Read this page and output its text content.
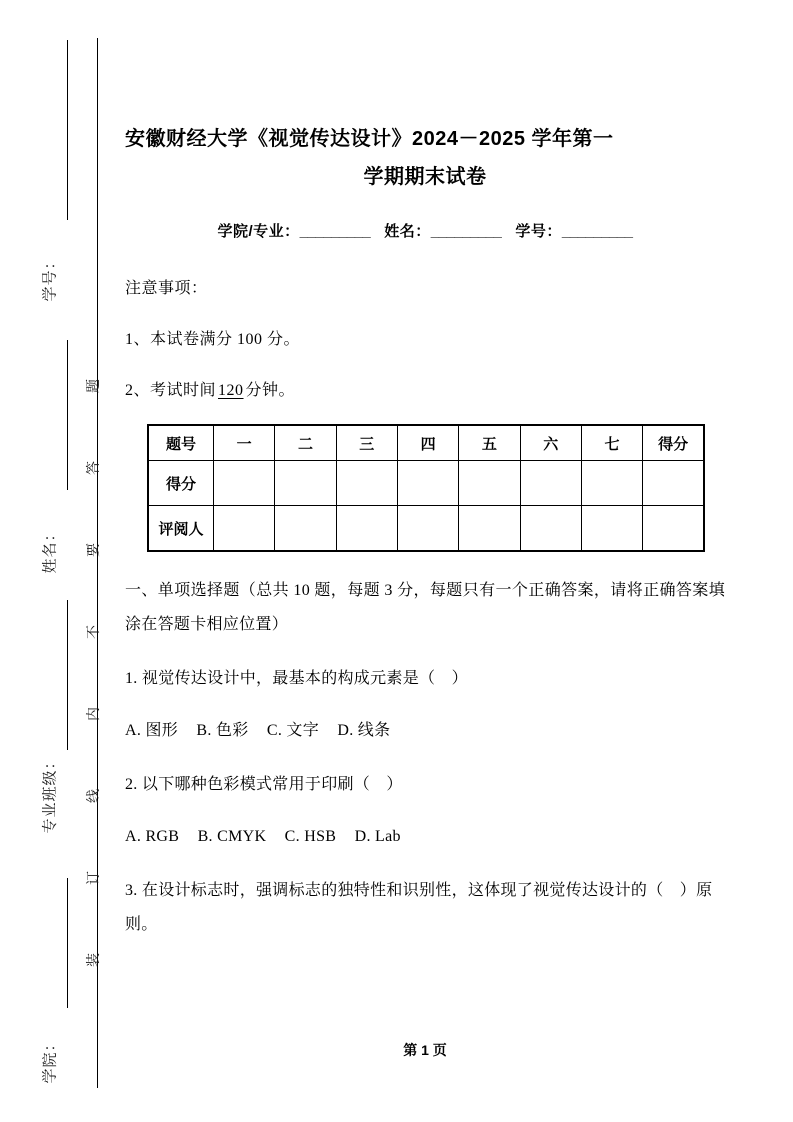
学号：
姓名：
专业班级：
学院：
题
答
要
不
内
线
订
装
安徽财经大学《视觉传达设计》2024－2025 学年第一
学期期末试卷
学院/专业：_________ 姓名：_________ 学号：_________
注意事项：
1、本试卷满分 100 分。
2、考试时间 120 分钟。
题号	一	二	三	四	五	六	七	得分
得分								
评阅人								
一、单项选择题（总共 10 题，每题 3 分，每题只有一个正确答案，请将正确答案填涂在答题卡相应位置）
1. 视觉传达设计中，最基本的构成元素是（　）
A. 图形 B. 色彩 C. 文字 D. 线条
2. 以下哪种色彩模式常用于印刷（　）
A. RGB B. CMYK C. HSB D. Lab
3. 在设计标志时，强调标志的独特性和识别性，这体现了视觉传达设计的（　）原则。
第 1 页
